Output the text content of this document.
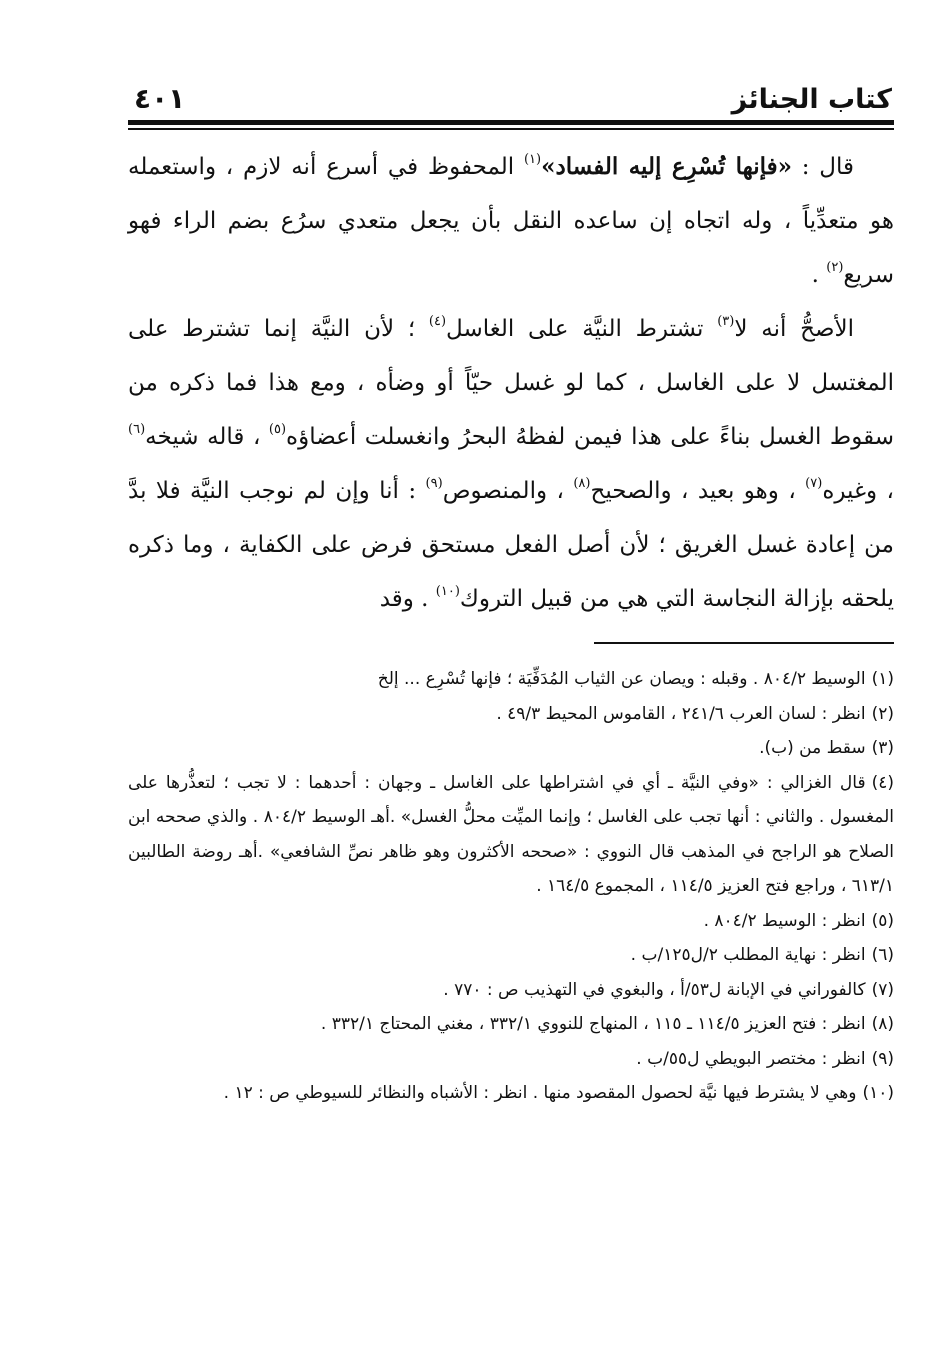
كتاب الجنائز
٤٠١

قال : «فإنها تُسْرِع إليه الفساد»$^{(١)}$ المحفوظ في أسرع أنه لازم ، واستعمله هو متعدِّياً ، وله اتجاه إن ساعده النقل بأن يجعل متعدي سرُع بضم الراء فهو سريع$^{(٢)}$ .

الأصحُّ أنه لا$^{(٣)}$ تشترط النيَّة على الغاسل$^{(٤)}$ ؛ لأن النيَّة إنما تشترط على المغتسل لا على الغاسل ، كما لو غسل حيّاً أو وضأه ، ومع هذا فما ذكره من سقوط الغسل بناءً على هذا فيمن لفظهُ البحرُ وانغسلت أعضاؤه$^{(٥)}$ ، قاله شيخه$^{(٦)}$ ، وغيره$^{(٧)}$ ، وهو بعيد ، والصحيح$^{(٨)}$ ، والمنصوص$^{(٩)}$ : أنا وإن لم نوجب النيَّة فلا بدَّ من إعادة غسل الغريق ؛ لأن أصل الفعل مستحق فرض على الكفاية ، وما ذكره يلحقه بإزالة النجاسة التي هي من قبيل التروك$^{(١٠)}$ . وقد

(١)الوسيط ٨٠٤/٢ . وقبله : ويصان عن الثياب المُدَفِّيَة ؛ فإنها تُسْرِع ... إلخ

(٢)انظر : لسان العرب ٢٤١/٦ ، القاموس المحيط ٤٩/٣ .

(٣)سقط من (ب).

(٤)قال الغزالي : «وفي النيَّة ـ أي في اشتراطها على الغاسل ـ وجهان : أحدهما : لا تجب ؛ لتعذُّرها على المغسول . والثاني : أنها تجب على الغاسل ؛ وإنما الميِّت محلُّ الغسل» .أهـ الوسيط ٨٠٤/٢ . والذي صححه ابن الصلاح هو الراجح في المذهب قال النووي : «صححه الأكثرون وهو ظاهر نصِّ الشافعي» .أهـ روضة الطالبين ٦١٣/١ ، وراجع فتح العزيز ١١٤/٥ ، المجموع ١٦٤/٥ .

(٥)انظر : الوسيط ٨٠٤/٢ .

(٦)انظر : نهاية المطلب ٢/ل١٢٥/ب .

(٧)كالفوراني في الإبانة ل٥٣/أ ، والبغوي في التهذيب ص : ٧٧٠ .

(٨)انظر : فتح العزيز ١١٤/٥ ـ ١١٥ ، المنهاج للنووي ٣٣٢/١ ، مغني المحتاج ٣٣٢/١ .

(٩)انظر : مختصر البويطي ل٥٥/ب .

(١٠)وهي لا يشترط فيها نيَّة لحصول المقصود منها . انظر : الأشباه والنظائر للسيوطي ص : ١٢ .
